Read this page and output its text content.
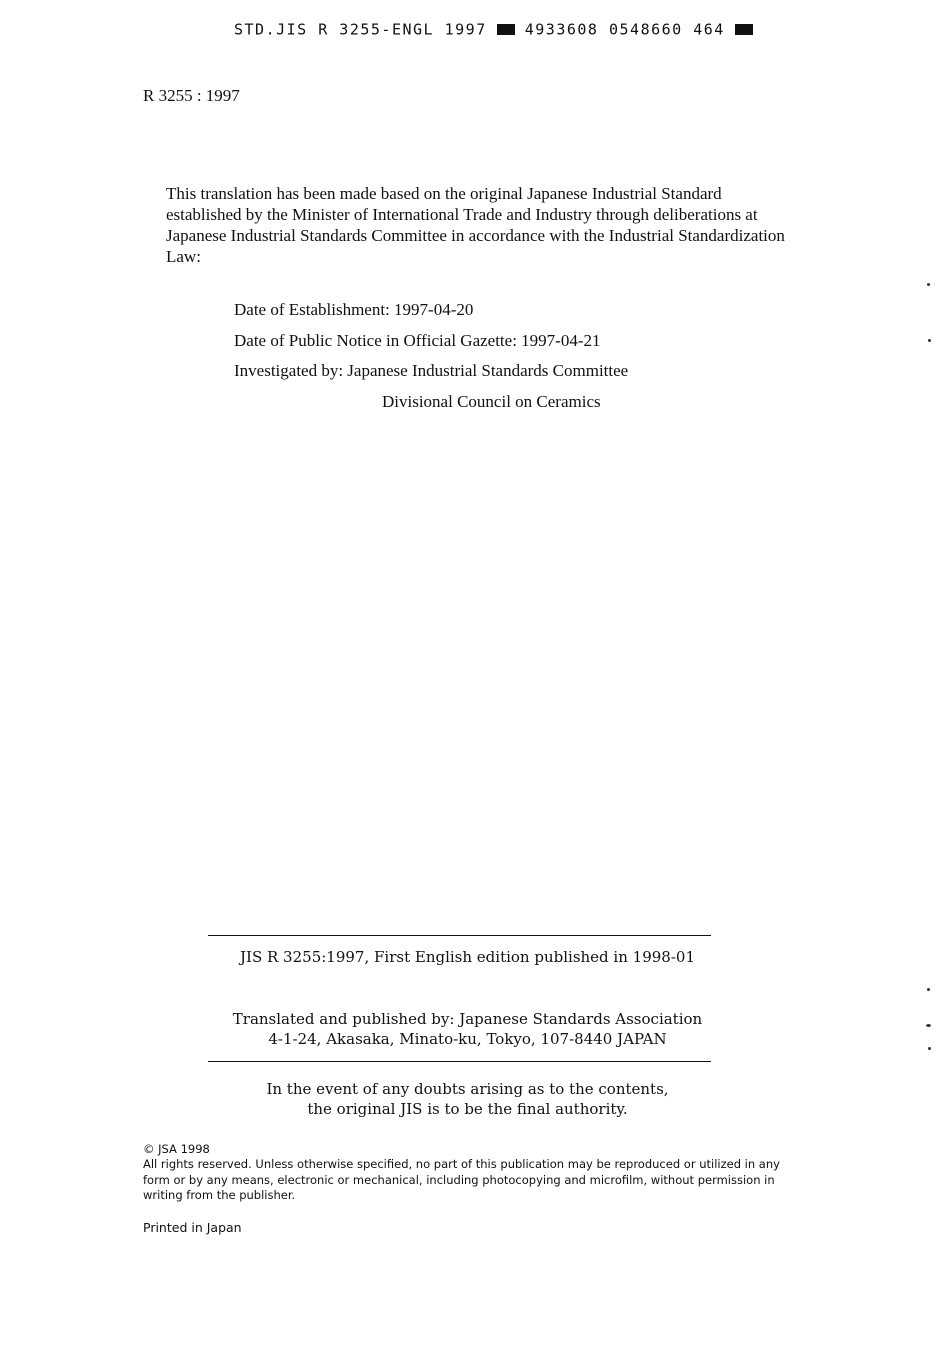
STD.JIS R 3255-ENGL 1997	4933608 0548660 464
R 3255 : 1997

This translation has been made based on the original Japanese Industrial Standard established by the Minister of International Trade and Industry through deliberations at Japanese Industrial Standards Committee in accordance with the Industrial Standardization Law:

Date of Establishment: 1997-04-20
Date of Public Notice in Official Gazette: 1997-04-21
Investigated by: Japanese Industrial Standards Committee
Divisional Council on Ceramics
JIS R 3255:1997, First English edition published in 1998-01
Translated and published by: Japanese Standards Association
4-1-24, Akasaka, Minato-ku, Tokyo, 107-8440 JAPAN
In the event of any doubts arising as to the contents,
the original JIS is to be the final authority.
© JSA 1998
All rights reserved. Unless otherwise specified, no part of this publication may be reproduced or utilized in any form or by any means, electronic or mechanical, including photocopying and microfilm, without permission in writing from the publisher.
Printed in Japan
